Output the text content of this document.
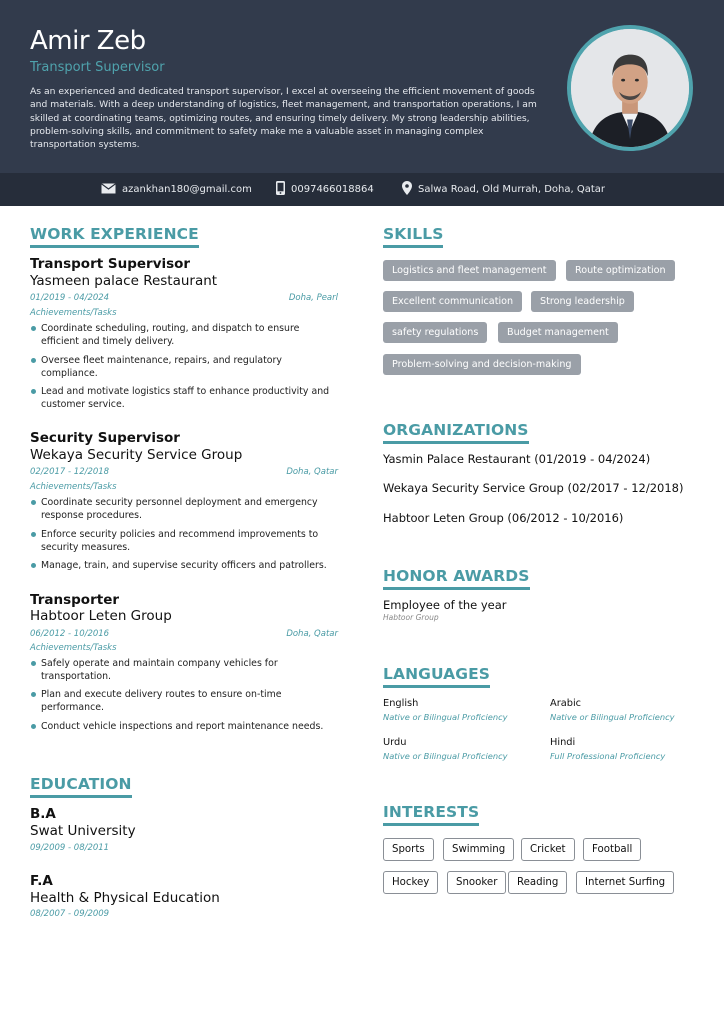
Amir Zeb
Transport Supervisor
As an experienced and dedicated transport supervisor, I excel at overseeing the efficient movement of goods and materials. With a deep understanding of logistics, fleet management, and transportation operations, I am skilled at coordinating teams, optimizing routes, and ensuring timely delivery. My strong leadership abilities, problem-solving skills, and commitment to safety make me a valuable asset in managing complex transportation systems.
azankhan180@gmail.com	0097466018864	Salwa Road, Old Murrah, Doha, Qatar
WORK EXPERIENCE
Transport Supervisor
Yasmeen palace Restaurant
01/2019 - 04/2024	Doha, Pearl
Achievements/Tasks
Coordinate scheduling, routing, and dispatch to ensure efficient and timely delivery.
Oversee fleet maintenance, repairs, and regulatory compliance.
Lead and motivate logistics staff to enhance productivity and customer service.
Security Supervisor
Wekaya Security Service Group
02/2017 - 12/2018	Doha, Qatar
Achievements/Tasks
Coordinate security personnel deployment and emergency response procedures.
Enforce security policies and recommend improvements to security measures.
Manage, train, and supervise security officers and patrollers.
Transporter
Habtoor Leten Group
06/2012 - 10/2016	Doha, Qatar
Achievements/Tasks
Safely operate and maintain company vehicles for transportation.
Plan and execute delivery routes to ensure on-time performance.
Conduct vehicle inspections and report maintenance needs.
EDUCATION
B.A
Swat University
09/2009 - 08/2011
F.A
Health & Physical Education
08/2007 - 09/2009
SKILLS
Logistics and fleet management	Route optimization
Excellent communication	Strong leadership
safety regulations	Budget management
Problem-solving and decision-making
ORGANIZATIONS
Yasmin Palace Restaurant (01/2019 - 04/2024)
Wekaya Security Service Group (02/2017 - 12/2018)
Habtoor Leten Group (06/2012 - 10/2016)
HONOR AWARDS
Employee of the year
Habtoor Group
LANGUAGES
English
Native or Bilingual Proficiency
Arabic
Native or Bilingual Proficiency
Urdu
Native or Bilingual Proficiency
Hindi
Full Professional Proficiency
INTERESTS
Sports	Swimming	Cricket	Football
Hockey	Snooker	Reading	Internet Surfing
